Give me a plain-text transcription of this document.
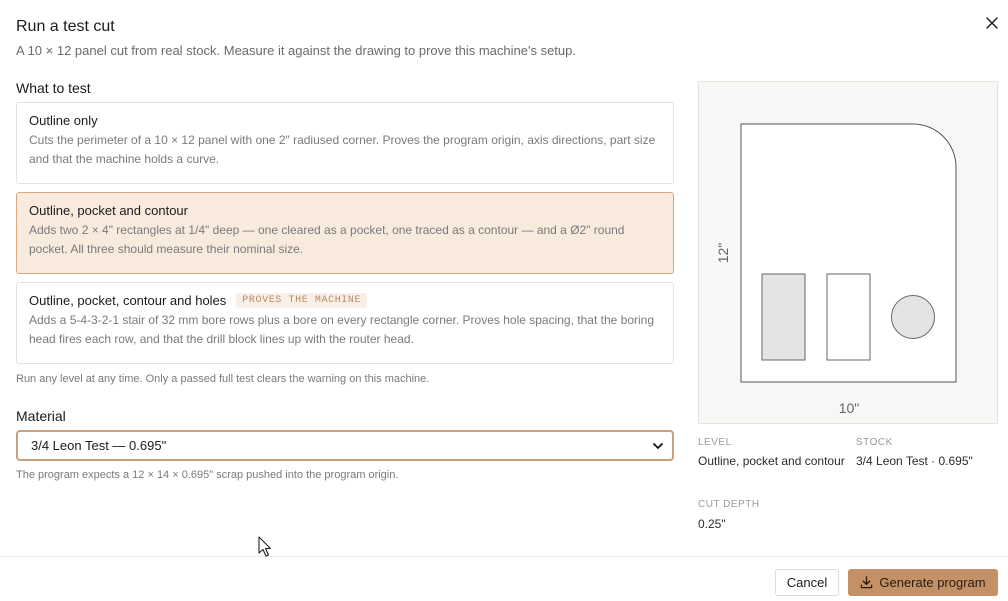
Run a test cut
A 10 × 12 panel cut from real stock. Measure it against the drawing to prove this machine's setup.
What to test
Outline only
Cuts the perimeter of a 10 × 12 panel with one 2" radiused corner. Proves the program origin, axis directions, part size and that the machine holds a curve.
Outline, pocket and contour
Adds two 2 × 4" rectangles at 1/4" deep — one cleared as a pocket, one traced as a contour — and a Ø2" round pocket. All three should measure their nominal size.
Outline, pocket, contour and holes	PROVES THE MACHINE
Adds a 5-4-3-2-1 stair of 32 mm bore rows plus a bore on every rectangle corner. Proves hole spacing, that the boring head fires each row, and that the drill block lines up with the router head.
Run any level at any time. Only a passed full test clears the warning on this machine.
Material
3/4 Leon Test — 0.695"
The program expects a 12 × 14 × 0.695" scrap pushed into the program origin.
10"
12"
LEVEL
Outline, pocket and contour
STOCK
3/4 Leon Test · 0.695"
CUT DEPTH
0.25"
Cancel	Generate program
